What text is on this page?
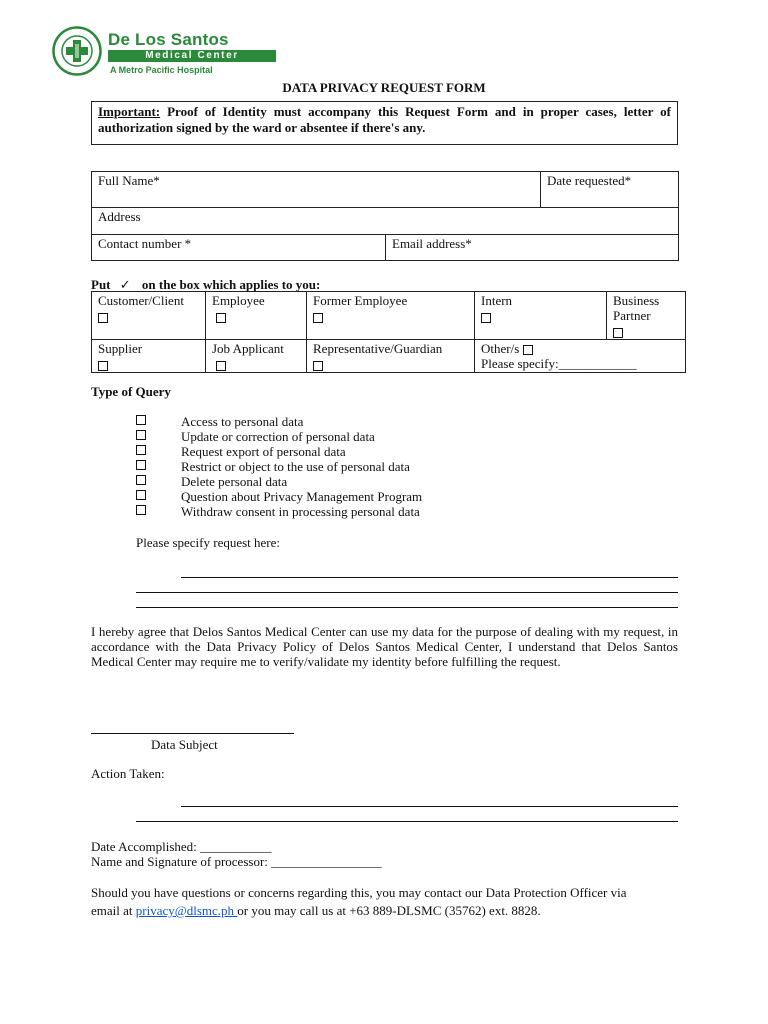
De Los Santos
Medical Center
A Metro Pacific Hospital
DATA PRIVACY REQUEST FORM
Important: Proof of Identity must accompany this Request Form and in proper cases, letter of authorization signed by the ward or absentee if there's any.
Full Name*		Date requested*
Address		
Contact number *	Email address*	
Put ✓ on the box which applies to you:
Customer/Client	Employee	Former Employee	Intern	Business Partner

Supplier	Job Applicant	Representative/Guardian	Other/s
Please specify:____________	
Type of Query
Access to personal data
Update or correction of personal data
Request export of personal data
Restrict or object to the use of personal data
Delete personal data
Question about Privacy Management Program
Withdraw consent in processing personal data
Please specify request here:
I hereby agree that Delos Santos Medical Center can use my data for the purpose of dealing with my request, in accordance with the Data Privacy Policy of Delos Santos Medical Center, I understand that Delos Santos Medical Center may require me to verify/validate my identity before fulfilling the request.
Data Subject
Action Taken:
Date Accomplished: ___________
Name and Signature of processor: _________________
Should you have questions or concerns regarding this, you may contact our Data Protection Officer via email at privacy@dlsmc.ph or you may call us at +63 889-DLSMC (35762) ext. 8828.
